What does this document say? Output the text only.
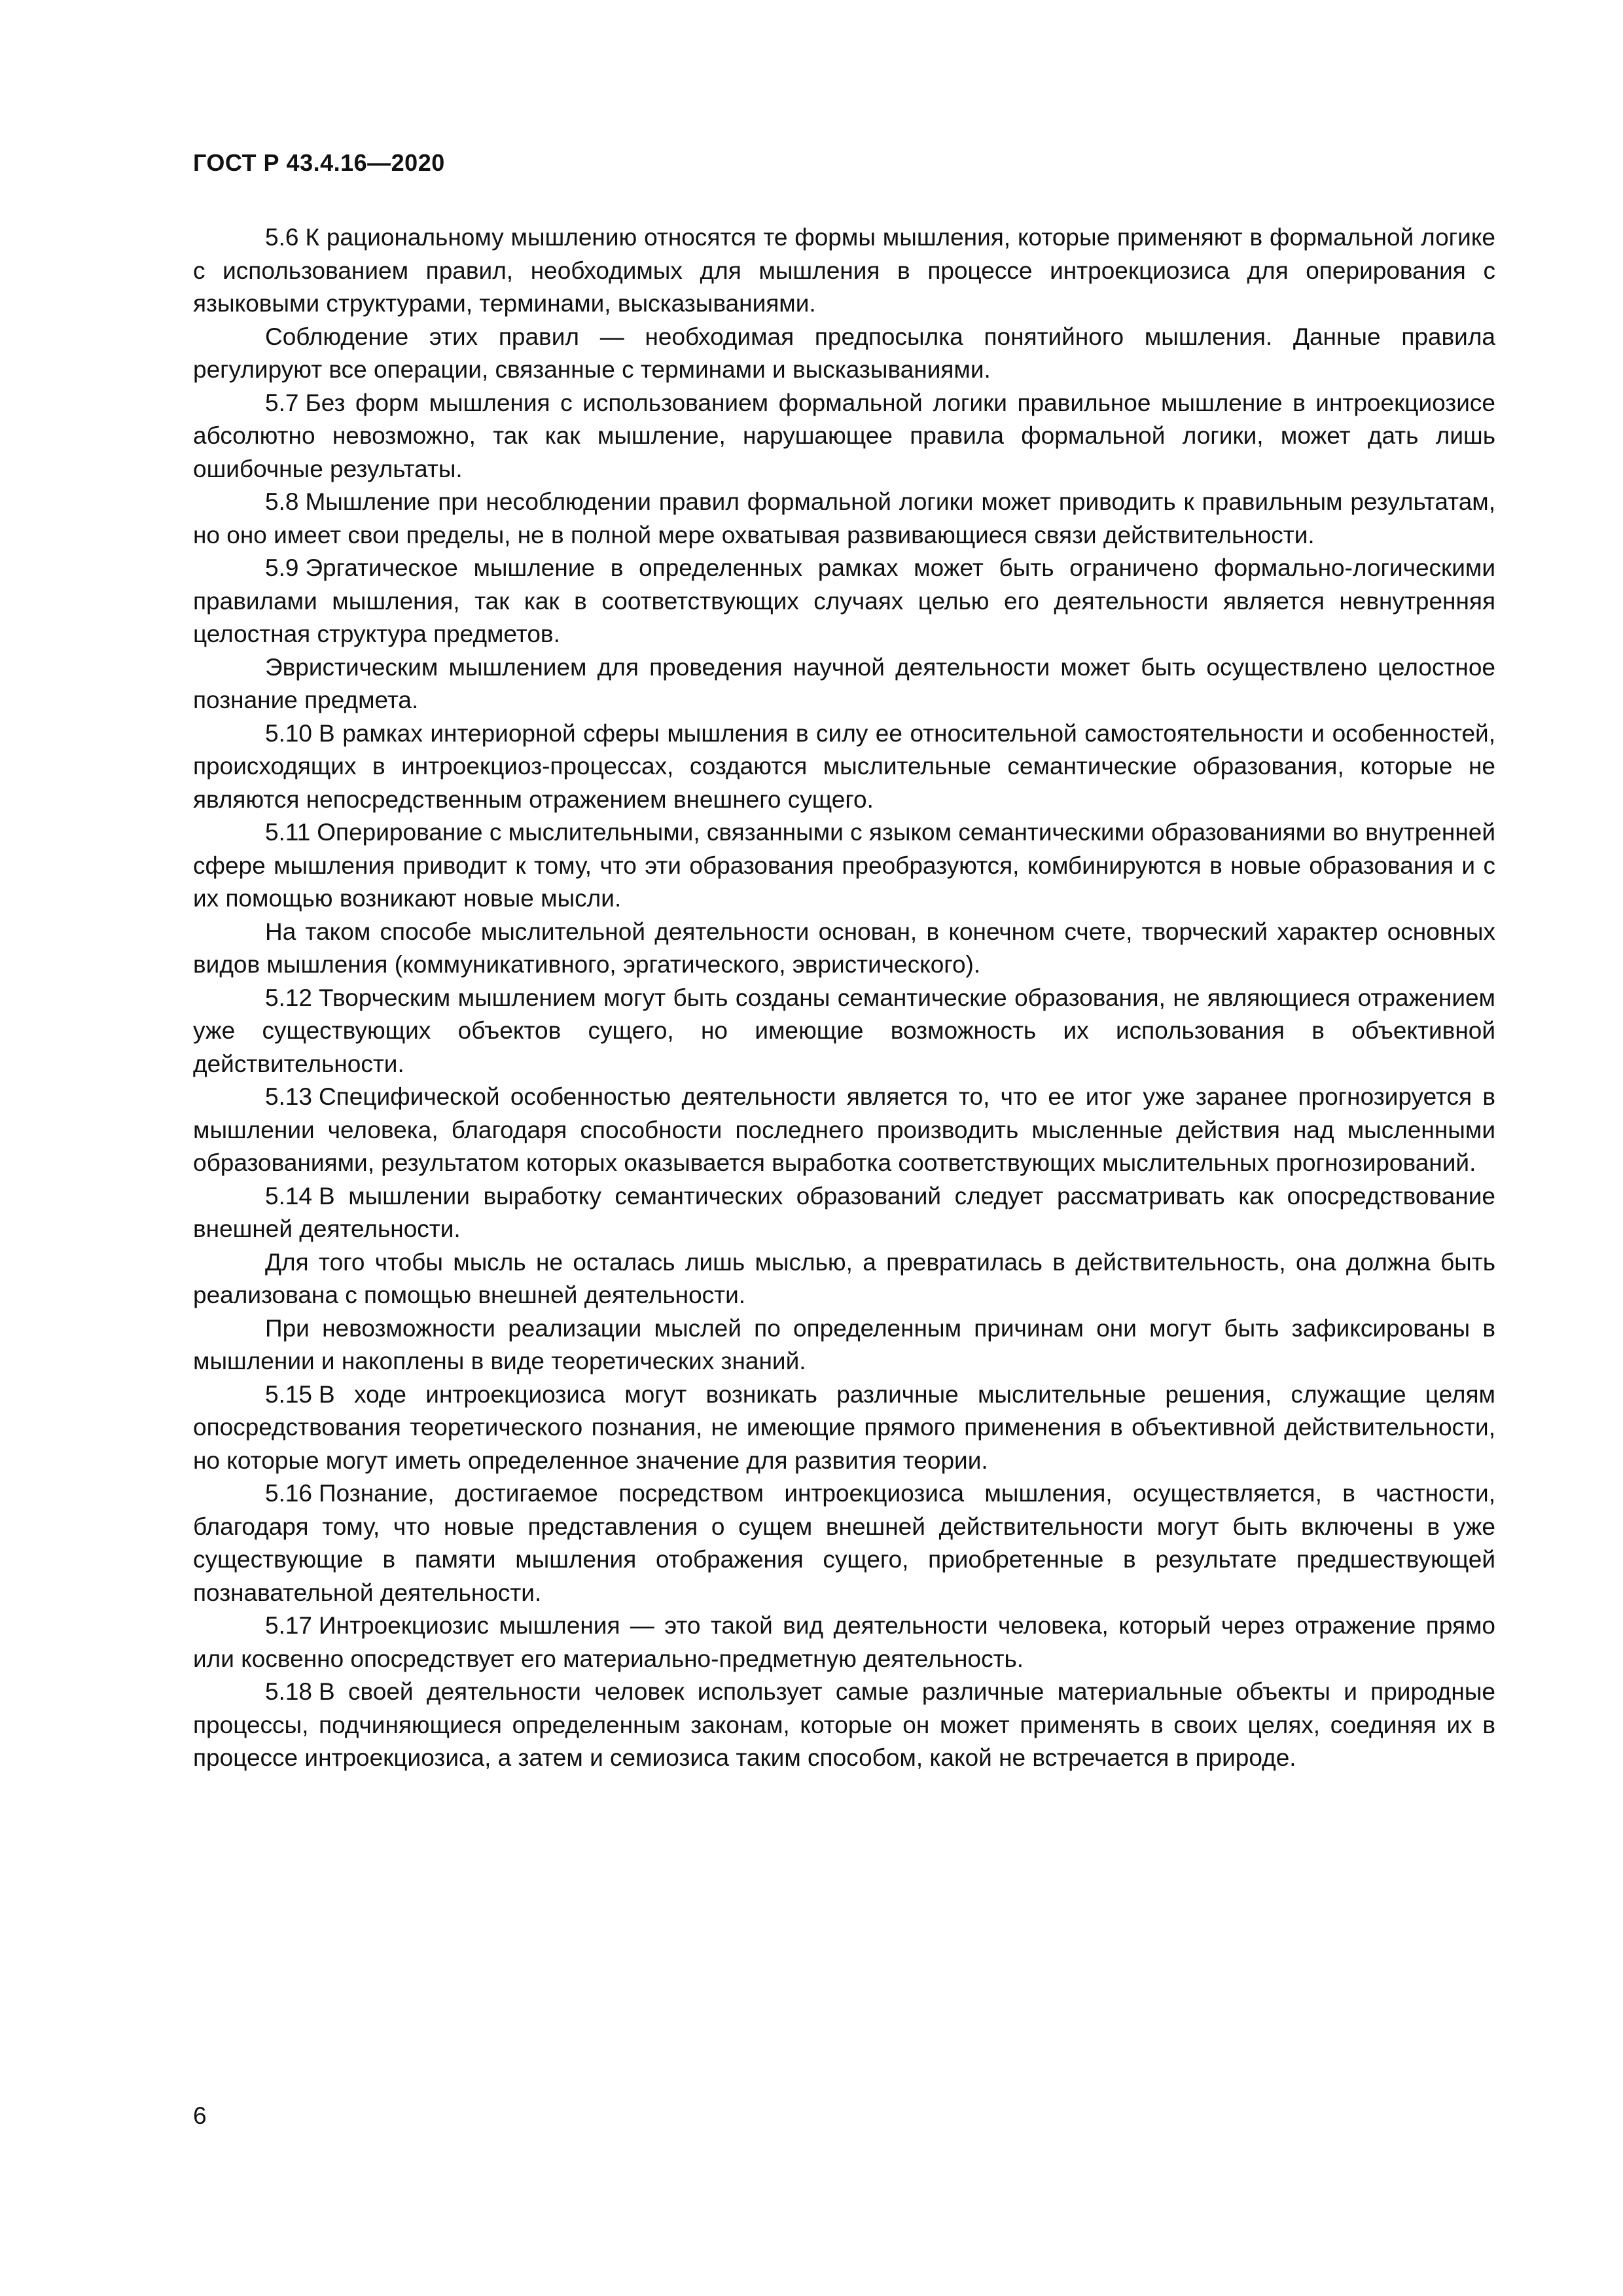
ГОСТ Р 43.4.16—2020

5.6 К рациональному мышлению относятся те формы мышления, которые применяют в формальной логике с использованием правил, необходимых для мышления в процессе интроекциозиса для оперирования с языковыми структурами, терминами, высказываниями.

Соблюдение этих правил — необходимая предпосылка понятийного мышления. Данные правила регулируют все операции, связанные с терминами и высказываниями.

5.7 Без форм мышления с использованием формальной логики правильное мышление в интроекциозисе абсолютно невозможно, так как мышление, нарушающее правила формальной логики, может дать лишь ошибочные результаты.

5.8 Мышление при несоблюдении правил формальной логики может приводить к правильным результатам, но оно имеет свои пределы, не в полной мере охватывая развивающиеся связи действительности.

5.9 Эргатическое мышление в определенных рамках может быть ограничено формально-логическими правилами мышления, так как в соответствующих случаях целью его деятельности является невнутренняя целостная структура предметов.

Эвристическим мышлением для проведения научной деятельности может быть осуществлено целостное познание предмета.

5.10 В рамках интериорной сферы мышления в силу ее относительной самостоятельности и особенностей, происходящих в интроекциоз-процессах, создаются мыслительные семантические образования, которые не являются непосредственным отражением внешнего сущего.

5.11 Оперирование с мыслительными, связанными с языком семантическими образованиями во внутренней сфере мышления приводит к тому, что эти образования преобразуются, комбинируются в новые образования и с их помощью возникают новые мысли.

На таком способе мыслительной деятельности основан, в конечном счете, творческий характер основных видов мышления (коммуникативного, эргатического, эвристического).

5.12 Творческим мышлением могут быть созданы семантические образования, не являющиеся отражением уже существующих объектов сущего, но имеющие возможность их использования в объективной действительности.

5.13 Специфической особенностью деятельности является то, что ее итог уже заранее прогнозируется в мышлении человека, благодаря способности последнего производить мысленные действия над мысленными образованиями, результатом которых оказывается выработка соответствующих мыслительных прогнозирований.

5.14 В мышлении выработку семантических образований следует рассматривать как опосредствование внешней деятельности.

Для того чтобы мысль не осталась лишь мыслью, а превратилась в действительность, она должна быть реализована с помощью внешней деятельности.

При невозможности реализации мыслей по определенным причинам они могут быть зафиксированы в мышлении и накоплены в виде теоретических знаний.

5.15 В ходе интроекциозиса могут возникать различные мыслительные решения, служащие целям опосредствования теоретического познания, не имеющие прямого применения в объективной действительности, но которые могут иметь определенное значение для развития теории.

5.16 Познание, достигаемое посредством интроекциозиса мышления, осуществляется, в частности, благодаря тому, что новые представления о сущем внешней действительности могут быть включены в уже существующие в памяти мышления отображения сущего, приобретенные в результате предшествующей познавательной деятельности.

5.17 Интроекциозис мышления — это такой вид деятельности человека, который через отражение прямо или косвенно опосредствует его материально-предметную деятельность.

5.18 В своей деятельности человек использует самые различные материальные объекты и природные процессы, подчиняющиеся определенным законам, которые он может применять в своих целях, соединяя их в процессе интроекциозиса, а затем и семиозиса таким способом, какой не встречается в природе.

6
